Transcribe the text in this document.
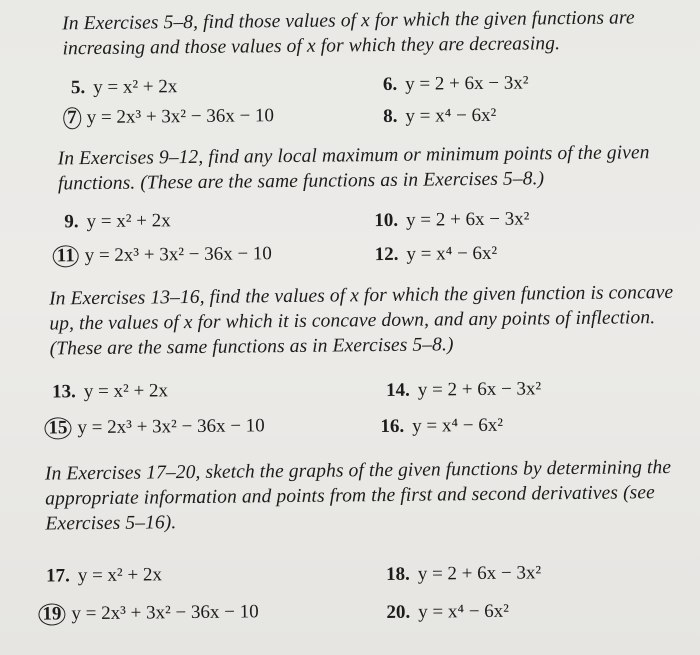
In Exercises 5–8, find those values of x for which the given functions are increasing and those values of x for which they are decreasing.

5. y = x² + 2x	6. y = 2 + 6x − 3x²
7 y = 2x³ + 3x² − 36x − 10	8. y = x⁴ − 6x²

In Exercises 9–12, find any local maximum or minimum points of the given functions. (These are the same functions as in Exercises 5–8.)

9. y = x² + 2x	10. y = 2 + 6x − 3x²
11 y = 2x³ + 3x² − 36x − 10	12. y = x⁴ − 6x²

In Exercises 13–16, find the values of x for which the given function is concave up, the values of x for which it is concave down, and any points of inflection. (These are the same functions as in Exercises 5–8.)

13. y = x² + 2x	14. y = 2 + 6x − 3x²
15 y = 2x³ + 3x² − 36x − 10	16. y = x⁴ − 6x²

In Exercises 17–20, sketch the graphs of the given functions by determining the appropriate information and points from the first and second derivatives (see Exercises 5–16).

17. y = x² + 2x	18. y = 2 + 6x − 3x²
19 y = 2x³ + 3x² − 36x − 10	20. y = x⁴ − 6x²
